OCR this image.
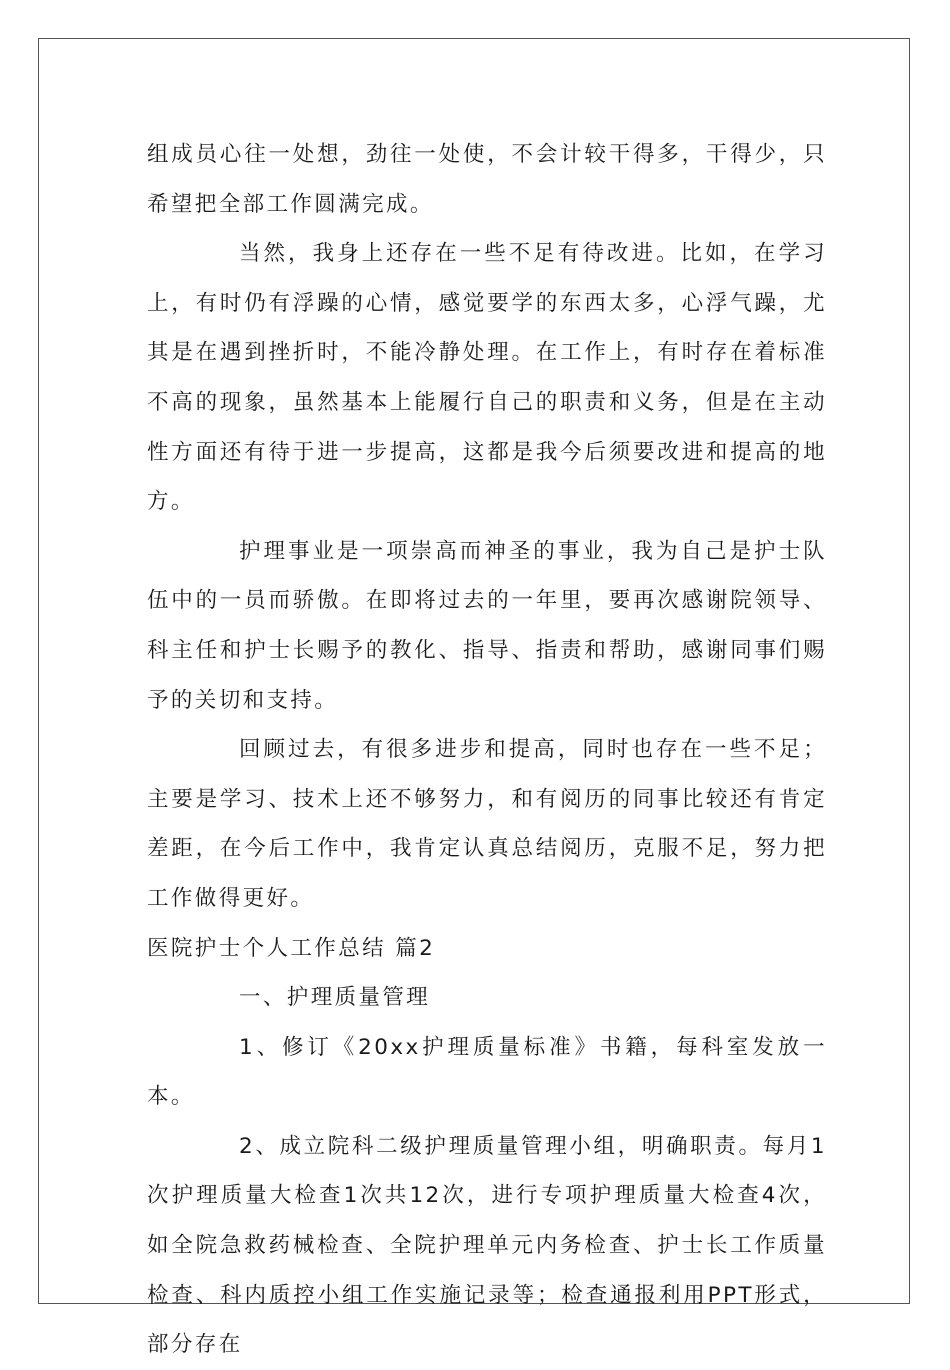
组成员心往一处想，劲往一处使，不会计较干得多，干得少，只希望把全部工作圆满完成。

当然，我身上还存在一些不足有待改进。比如，在学习上，有时仍有浮躁的心情，感觉要学的东西太多，心浮气躁，尤其是在遇到挫折时，不能冷静处理。在工作上，有时存在着标准不高的现象，虽然基本上能履行自己的职责和义务，但是在主动性方面还有待于进一步提高，这都是我今后须要改进和提高的地方。

护理事业是一项崇高而神圣的事业，我为自己是护士队伍中的一员而骄傲。在即将过去的一年里，要再次感谢院领导、科主任和护士长赐予的教化、指导、指责和帮助，感谢同事们赐予的关切和支持。

回顾过去，有很多进步和提高，同时也存在一些不足；主要是学习、技术上还不够努力，和有阅历的同事比较还有肯定差距，在今后工作中，我肯定认真总结阅历，克服不足，努力把工作做得更好。

医院护士个人工作总结 篇2

一、护理质量管理

1、修订《20xx护理质量标准》书籍，每科室发放一本。

2、成立院科二级护理质量管理小组，明确职责。每月1次护理质量大检查1次共12次，进行专项护理质量大检查4次，如全院急救药械检查、全院护理单元内务检查、护士长工作质量检查、科内质控小组工作实施记录等；检查通报利用PPT形式，部分存在
